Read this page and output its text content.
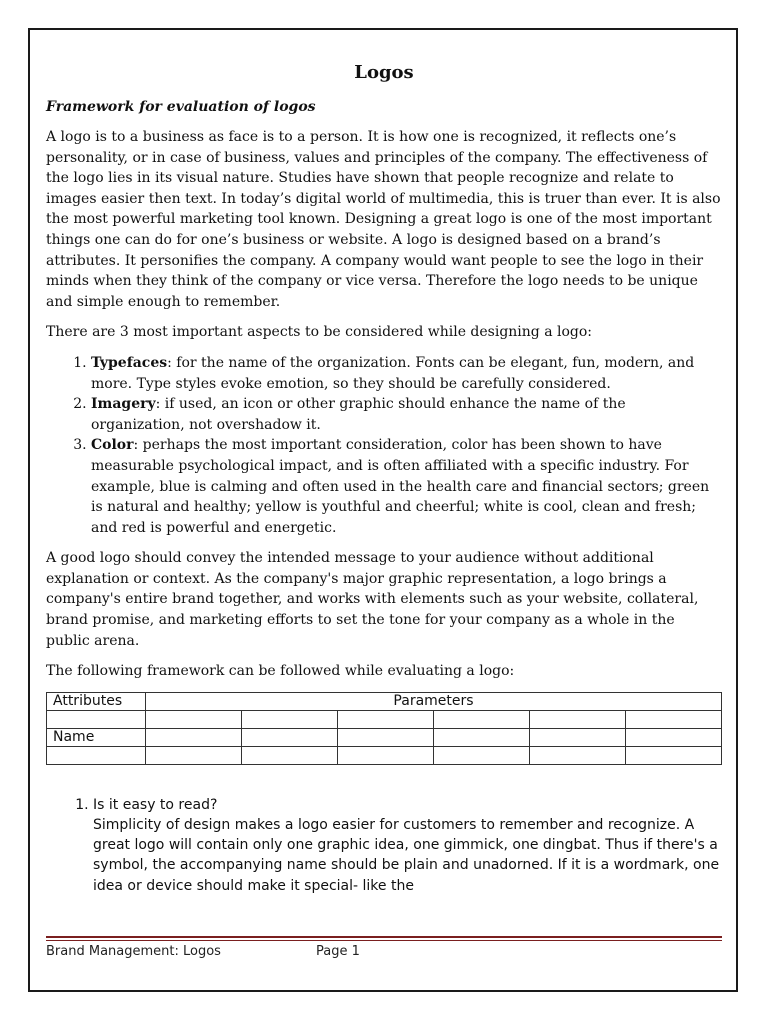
Logos
Framework for evaluation of logos

A logo is to a business as face is to a person. It is how one is recognized, it reflects one’s personality, or in case of business, values and principles of the company. The effectiveness of the logo lies in its visual nature. Studies have shown that people recognize and relate to images easier then text. In today’s digital world of multimedia, this is truer than ever. It is also the most powerful marketing tool known. Designing a great logo is one of the most important things one can do for one’s business or website. A logo is designed based on a brand’s attributes. It personifies the company. A company would want people to see the logo in their minds when they think of the company or vice versa. Therefore the logo needs to be unique and simple enough to remember.

There are 3 most important aspects to be considered while designing a logo:

1. Typefaces: for the name of the organization. Fonts can be elegant, fun, modern, and more. Type styles evoke emotion, so they should be carefully considered.
2. Imagery: if used, an icon or other graphic should enhance the name of the organization, not overshadow it.
3. Color: perhaps the most important consideration, color has been shown to have measurable psychological impact, and is often affiliated with a specific industry. For example, blue is calming and often used in the health care and financial sectors; green is natural and healthy; yellow is youthful and cheerful; white is cool, clean and fresh; and red is powerful and energetic.

A good logo should convey the intended message to your audience without additional explanation or context. As the company's major graphic representation, a logo brings a company's entire brand together, and works with elements such as your website, collateral, brand promise, and marketing efforts to set the tone for your company as a whole in the public arena.

The following framework can be followed while evaluating a logo:

Attributes	Parameters					

Name						

1. Is it easy to read?
Simplicity of design makes a logo easier for customers to remember and recognize. A great logo will contain only one graphic idea, one gimmick, one dingbat. Thus if there's a symbol, the accompanying name should be plain and unadorned. If it is a wordmark, one idea or device should make it special- like the
Brand Management: Logos	Page 1
